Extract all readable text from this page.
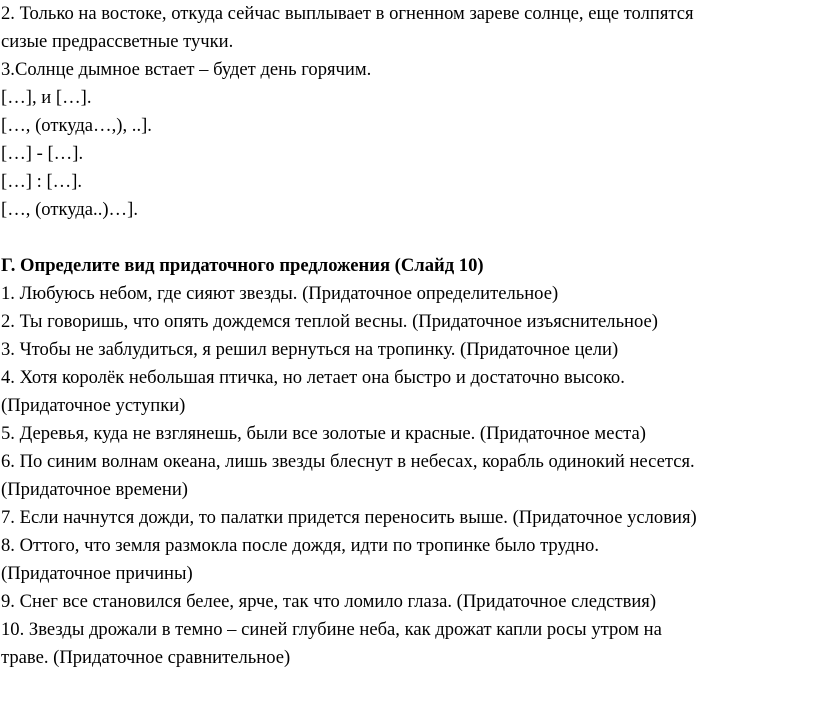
2. Только на востоке, откуда сейчас выплывает в огненном зареве солнце, еще толпятся

сизые предрассветные тучки.

3.Солнце дымное встает – будет день горячим.

[…], и […].

[…, (откуда…,), ..].

[…] - […].

[…] : […].

[…, (откуда..)…].

Г. Определите вид придаточного предложения (Слайд 10)

1. Любуюсь небом, где сияют звезды. (Придаточное определительное)

2. Ты говоришь, что опять дождемся теплой весны. (Придаточное изъяснительное)

3. Чтобы не заблудиться, я решил вернуться на тропинку. (Придаточное цели)

4. Хотя королёк небольшая птичка, но летает она быстро и достаточно высоко.

(Придаточное уступки)

5. Деревья, куда не взглянешь, были все золотые и красные. (Придаточное места)

6. По синим волнам океана, лишь звезды блеснут в небесах, корабль одинокий несется.

(Придаточное времени)

7. Если начнутся дожди, то палатки придется переносить выше. (Придаточное условия)

8. Оттого, что земля размокла после дождя, идти по тропинке было трудно.

(Придаточное причины)

9. Снег все становился белее, ярче, так что ломило глаза. (Придаточное следствия)

10. Звезды дрожали в темно – синей глубине неба, как дрожат капли росы утром на

траве. (Придаточное сравнительное)
